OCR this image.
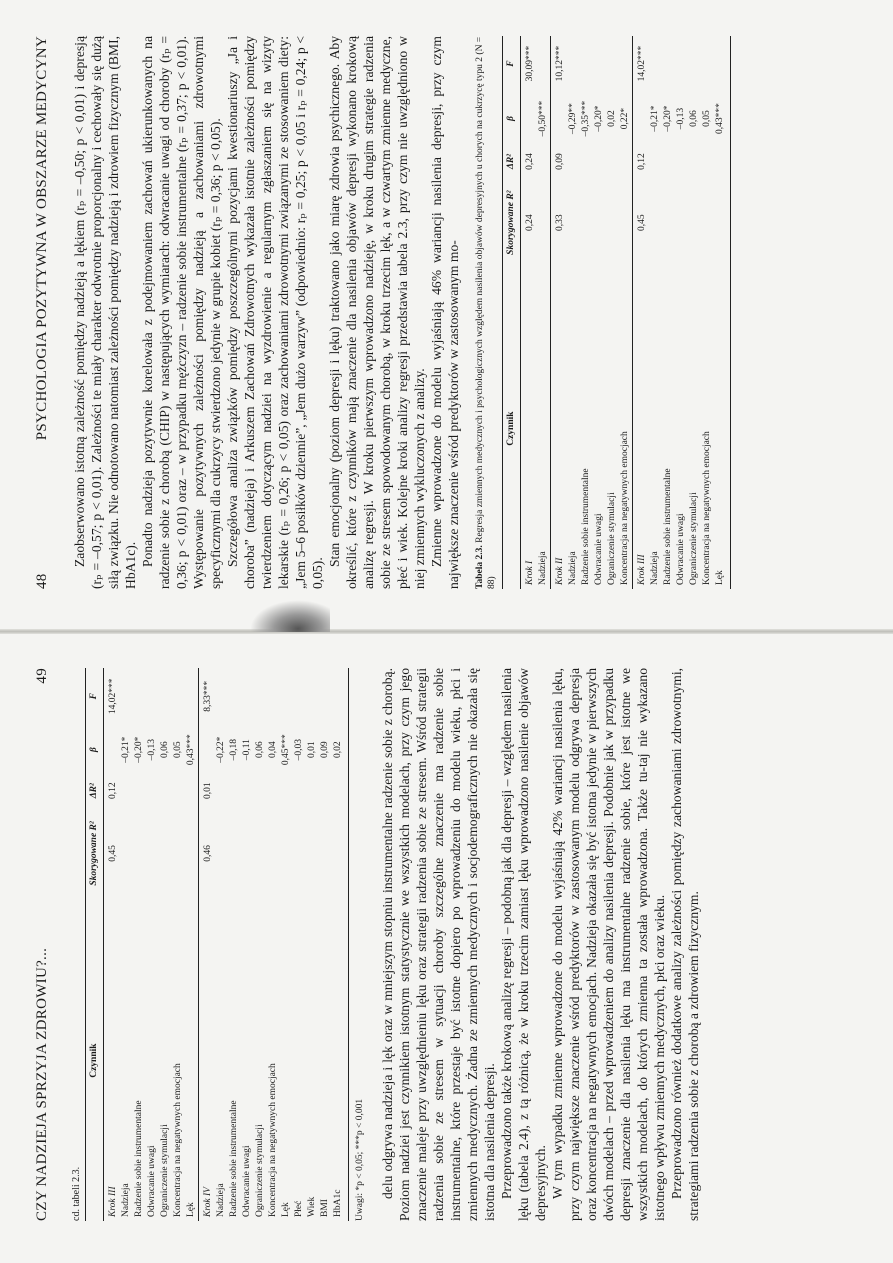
48
PSYCHOLOGIA POZYTYWNA W OBSZARZE MEDYCYNY Zaobserwowano istotną zależność pomiędzy nadzieją a lękiem (rₚ = –0,50; p < 0,01) i depresją (rₚ = –0,57; p < 0,01). Zależności te miały charakter odwrotnie proporcjonalny i cechowały się dużą siłą związku. Nie odnotowano natomiast zależności pomiędzy nadzieją i zdrowiem fizycznym (BMI, HbA1c). Ponadto nadzieja pozytywnie korelowała z podejmowaniem zachowań ukierunkowanych na radzenie sobie z chorobą (CHIP) w następujących wymiarach: odwracanie uwagi od choroby (rₚ = 0,36; p < 0,01) oraz – w przypadku mężczyzn – radzenie sobie instrumentalne (rₚ = 0,37; p < 0,01). Występowanie pozytywnych zależności pomiędzy nadzieją a zachowaniami zdrowotnymi specyficznymi dla cukrzycy stwierdzono jedynie w grupie kobiet (rₚ = 0,36; p < 0,05). Szczegółowa analiza związków pomiędzy poszczególnymi pozycjami kwestionariuszy „Ja i choroba” (nadzieja) i Arkuszem Zachowań Zdrowotnych wykazała istotnie zależności pomiędzy twierdzeniem dotyczącym nadziei na wyzdrowienie a regularnym zgłaszaniem się na wizyty lekarskie (rₚ = 0,26; p < 0,05) oraz zachowaniami zdrowotnymi związanymi ze stosowaniem diety: „Jem 5–6 posiłków dziennie”, „Jem dużo warzyw” (odpowiednio: rₚ = 0,25; p < 0,05 i rₚ = 0,24; p < 0,05).

Stan emocjonalny (poziom depresji i lęku) traktowano jako miarę zdrowia psychicznego. Aby określić, które z czynników mają znaczenie dla nasilenia objawów depresji wykonano krokową analizę regresji. W kroku pierwszym wprowadzono nadzieję, w kroku drugim strategie radzenia sobie ze stresem spowodowanym chorobą, w kroku trzecim lęk, a w czwartym zmienne medyczne, płeć i wiek. Kolejne kroki analizy regresji przedstawia tabela 2.3, przy czym nie uwzględniono w niej zmiennych wykluczonych z analizy. Zmienne wprowadzone do modelu wyjaśniają 46% wariancji nasilenia depresji, przy czym największe znaczenie wśród predyktorów w zastosowanym mo- Tabela 2.3. Regresja zmiennych medycznych i psychologicznych względem nasilenia objawów depresyjnych u chorych na cukrzycę typu 2 (N = 88)
Czynnik	Skorygowane R²	ΔR²	β	F
Krok I	0,24	0,24		30,09***
Nadzieja			–0,50***	
Krok II	0,33	0,09		10,12***
Nadzieja			–0,29**	
Radzenie sobie instrumentalne			–0,35***	
Odwracanie uwagi			–0,20*	
Ograniczenie stymulacji			0,02	
Koncentracja na negatywnych emocjach			0,22*	
Krok III	0,45	0,12		14,02***
Nadzieja			–0,21*	
Radzenie sobie instrumentalne			–0,20*	
Odwracanie uwagi			–0,13	
Ograniczenie stymulacji			0,06	
Koncentracja na negatywnych emocjach			0,05	
Lęk			0,43***	
CZY NADZIEJA SPRZYJA ZDROWIU?...
49
cd. tabeli 2.3.
Czynnik	Skorygowane R²	ΔR²	β	F
Krok III	0,45	0,12		14,02***
Nadzieja			–0,21*	
Radzenie sobie instrumentalne			–0,20*	
Odwracanie uwagi			–0,13	
Ograniczenie stymulacji			0,06	
Koncentracja na negatywnych emocjach			0,05	
Lęk			0,43***	
Krok IV	0,46	0,01		8,33***
Nadzieja			–0,22*	
Radzenie sobie instrumentalne			–0,18	
Odwracanie uwagi			–0,11	
Ograniczenie stymulacji			0,06	
Koncentracja na negatywnych emocjach			0,04	
Lęk			0,45***	
Płeć			–0,03	
Wiek			0,01	
BMI			0,09	
HbA1c			0,02	
Uwagi: *p < 0,05; ***p < 0,001 delu odgrywa nadzieja i lęk oraz w mniejszym stopniu instrumentalne radzenie sobie z chorobą. Poziom nadziei jest czynnikiem istotnym statystycznie we wszystkich modelach, przy czym jego znaczenie maleje przy uwzględnieniu lęku oraz strategii radzenia sobie ze stresem. Wśród strategii radzenia sobie ze stresem w sytuacji choroby szczególne znaczenie ma radzenie sobie instrumentalne, które przestaje być istotne dopiero po wprowadzeniu do modelu wieku, płci i zmiennych medycznych. Żadna ze zmiennych medycznych i socjodemograficznych nie okazała się istotna dla nasilenia depresji. Przeprowadzono także krokową analizę regresji – podobną jak dla depresji – względem nasilenia lęku (tabela 2.4), z tą różnicą, że w kroku trzecim zamiast lęku wprowadzono nasilenie objawów depresyjnych. W tym wypadku zmienne wprowadzone do modelu wyjaśniają 42% wariancji nasilenia lęku, przy czym największe znaczenie wśród predyktorów w zastosowanym modelu odgrywa depresja oraz koncentracja na negatywnych emocjach. Nadzieja okazała się być istotna jedynie w pierwszych dwóch modelach – przed wprowadzeniem do analizy nasilenia depresji. Podobnie jak w przypadku depresji znaczenie dla nasilenia lęku ma instrumentalne radzenie sobie, które jest istotne we wszystkich modelach, do których zmienna ta została wprowadzona. Także tu-taj nie wykazano istotnego wpływu zmiennych medycznych, płci oraz wieku. Przeprowadzono również dodatkowe analizy zależności pomiędzy zachowaniami zdrowotnymi, strategiami radzenia sobie z chorobą a zdrowiem fizycznym.
